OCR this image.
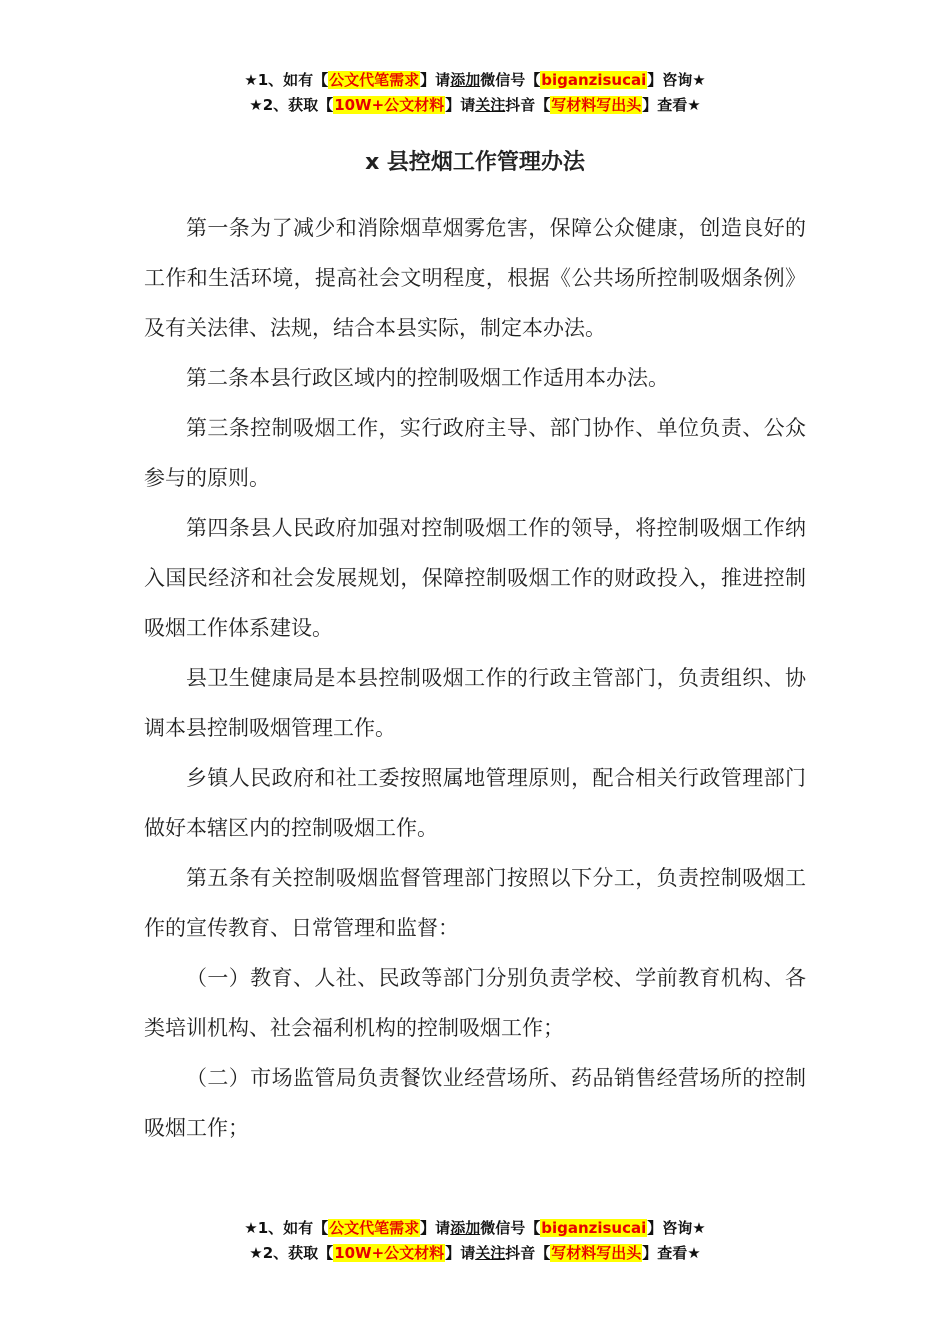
★1、如有【公文代笔需求】请添加微信号【biganzisucai】咨询★
★2、获取【10W+公文材料】请关注抖音【写材料写出头】查看★
x 县控烟工作管理办法

第一条为了减少和消除烟草烟雾危害，保障公众健康，创造良好的工作和生活环境，提高社会文明程度，根据《公共场所控制吸烟条例》及有关法律、法规，结合本县实际，制定本办法。

第二条本县行政区域内的控制吸烟工作适用本办法。

第三条控制吸烟工作，实行政府主导、部门协作、单位负责、公众参与的原则。

第四条县人民政府加强对控制吸烟工作的领导，将控制吸烟工作纳入国民经济和社会发展规划，保障控制吸烟工作的财政投入，推进控制吸烟工作体系建设。

县卫生健康局是本县控制吸烟工作的行政主管部门，负责组织、协调本县控制吸烟管理工作。

乡镇人民政府和社工委按照属地管理原则，配合相关行政管理部门做好本辖区内的控制吸烟工作。

第五条有关控制吸烟监督管理部门按照以下分工，负责控制吸烟工作的宣传教育、日常管理和监督：

（一）教育、人社、民政等部门分别负责学校、学前教育机构、各类培训机构、社会福利机构的控制吸烟工作；

（二）市场监管局负责餐饮业经营场所、药品销售经营场所的控制吸烟工作；

★1、如有【公文代笔需求】请添加微信号【biganzisucai】咨询★
★2、获取【10W+公文材料】请关注抖音【写材料写出头】查看★
